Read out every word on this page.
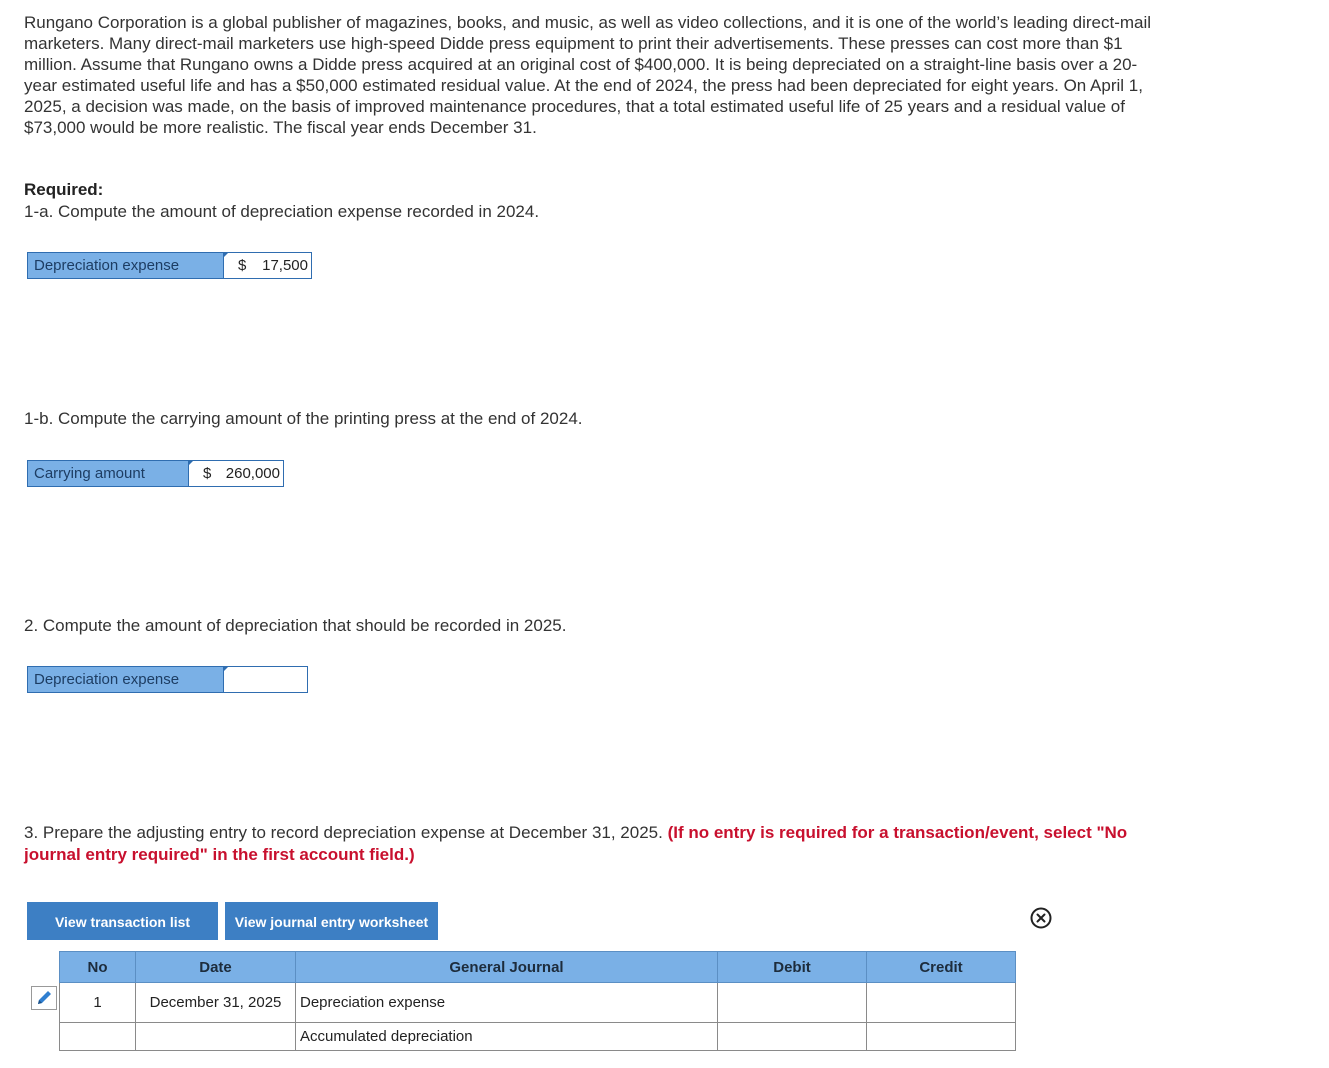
Rungano Corporation is a global publisher of magazines, books, and music, as well as video collections, and it is one of the world’s leading direct-mail marketers. Many direct-mail marketers use high-speed Didde press equipment to print their advertisements. These presses can cost more than $1 million. Assume that Rungano owns a Didde press acquired at an original cost of $400,000. It is being depreciated on a straight-line basis over a 20-year estimated useful life and has a $50,000 estimated residual value. At the end of 2024, the press had been depreciated for eight years. On April 1, 2025, a decision was made, on the basis of improved maintenance procedures, that a total estimated useful life of 25 years and a residual value of $73,000 would be more realistic. The fiscal year ends December 31.
Required:
1-a. Compute the amount of depreciation expense recorded in 2024.
Depreciation expense	$ 17,500
1-b. Compute the carrying amount of the printing press at the end of 2024.
Carrying amount	$ 260,000
2. Compute the amount of depreciation that should be recorded in 2025.
Depreciation expense
3. Prepare the adjusting entry to record depreciation expense at December 31, 2025. (If no entry is required for a transaction/event, select "No journal entry required" in the first account field.)
View transaction list	View journal entry worksheet
No	Date	General Journal	Debit	Credit
1	December 31, 2025	Depreciation expense		
		Accumulated depreciation		
